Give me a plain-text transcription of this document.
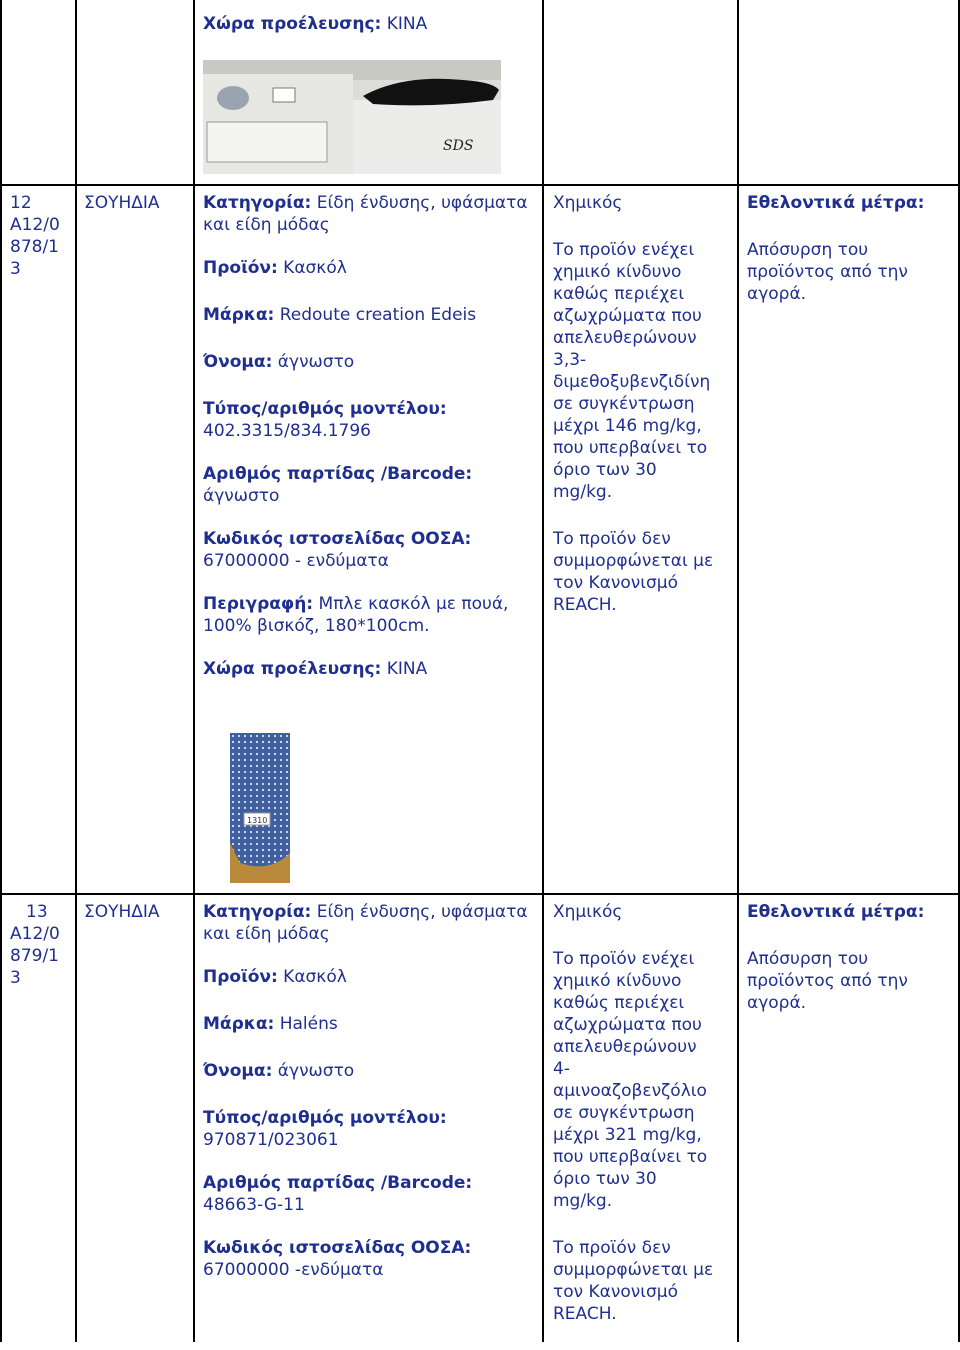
Χώρα προέλευσης: ΚΙΝΑ
SDS
12
A12/0
878/1
3
ΣΟΥΗΔΙΑ	Κατηγορία: Είδη ένδυσης, υφάσματα και είδη μόδας
Προϊόν: Κασκόλ
Μάρκα: Redoute creation Edeis
Όνομα: άγνωστο
Τύπος/αριθμός μοντέλου:
402.3315/834.1796
Αριθμός παρτίδας /Barcode:
άγνωστο
Κωδικός ιστοσελίδας ΟΟΣΑ:
67000000 - ενδύματα
Περιγραφή: Μπλε κασκόλ με πουά, 100% βισκόζ, 180*100cm.
Χώρα προέλευσης: ΚΙΝΑ
1310

Χημικός

Το προϊόν ενέχει
χημικό κίνδυνο
καθώς περιέχει
αζωχρώματα που
απελευθερώνουν
3,3-
διμεθοξυβενζιδίνη
σε συγκέντρωση
μέχρι 146 mg/kg,
που υπερβαίνει το
όριο των 30
mg/kg.

Το προϊόν δεν
συμμορφώνεται με
τον Κανονισμό
REACH.

Εθελοντικά μέτρα:
Απόσυρση του
προϊόντος από την
αγορά.
13
A12/0
879/1
3
ΣΟΥΗΔΙΑ	Κατηγορία: Είδη ένδυσης, υφάσματα και είδη μόδας
Προϊόν: Κασκόλ
Μάρκα: Haléns
Όνομα: άγνωστο
Τύπος/αριθμός μοντέλου:
970871/023061
Αριθμός παρτίδας /Barcode:
48663-G-11
Κωδικός ιστοσελίδας ΟΟΣΑ:
67000000 -ενδύματα

Χημικός

Το προϊόν ενέχει
χημικό κίνδυνο
καθώς περιέχει
αζωχρώματα που
απελευθερώνουν
4-
αμινοαζοβενζόλιο
σε συγκέντρωση
μέχρι 321 mg/kg,
που υπερβαίνει το
όριο των 30
mg/kg.

Το προϊόν δεν
συμμορφώνεται με
τον Κανονισμό
REACH.

Εθελοντικά μέτρα:
Απόσυρση του
προϊόντος από την
αγορά.
